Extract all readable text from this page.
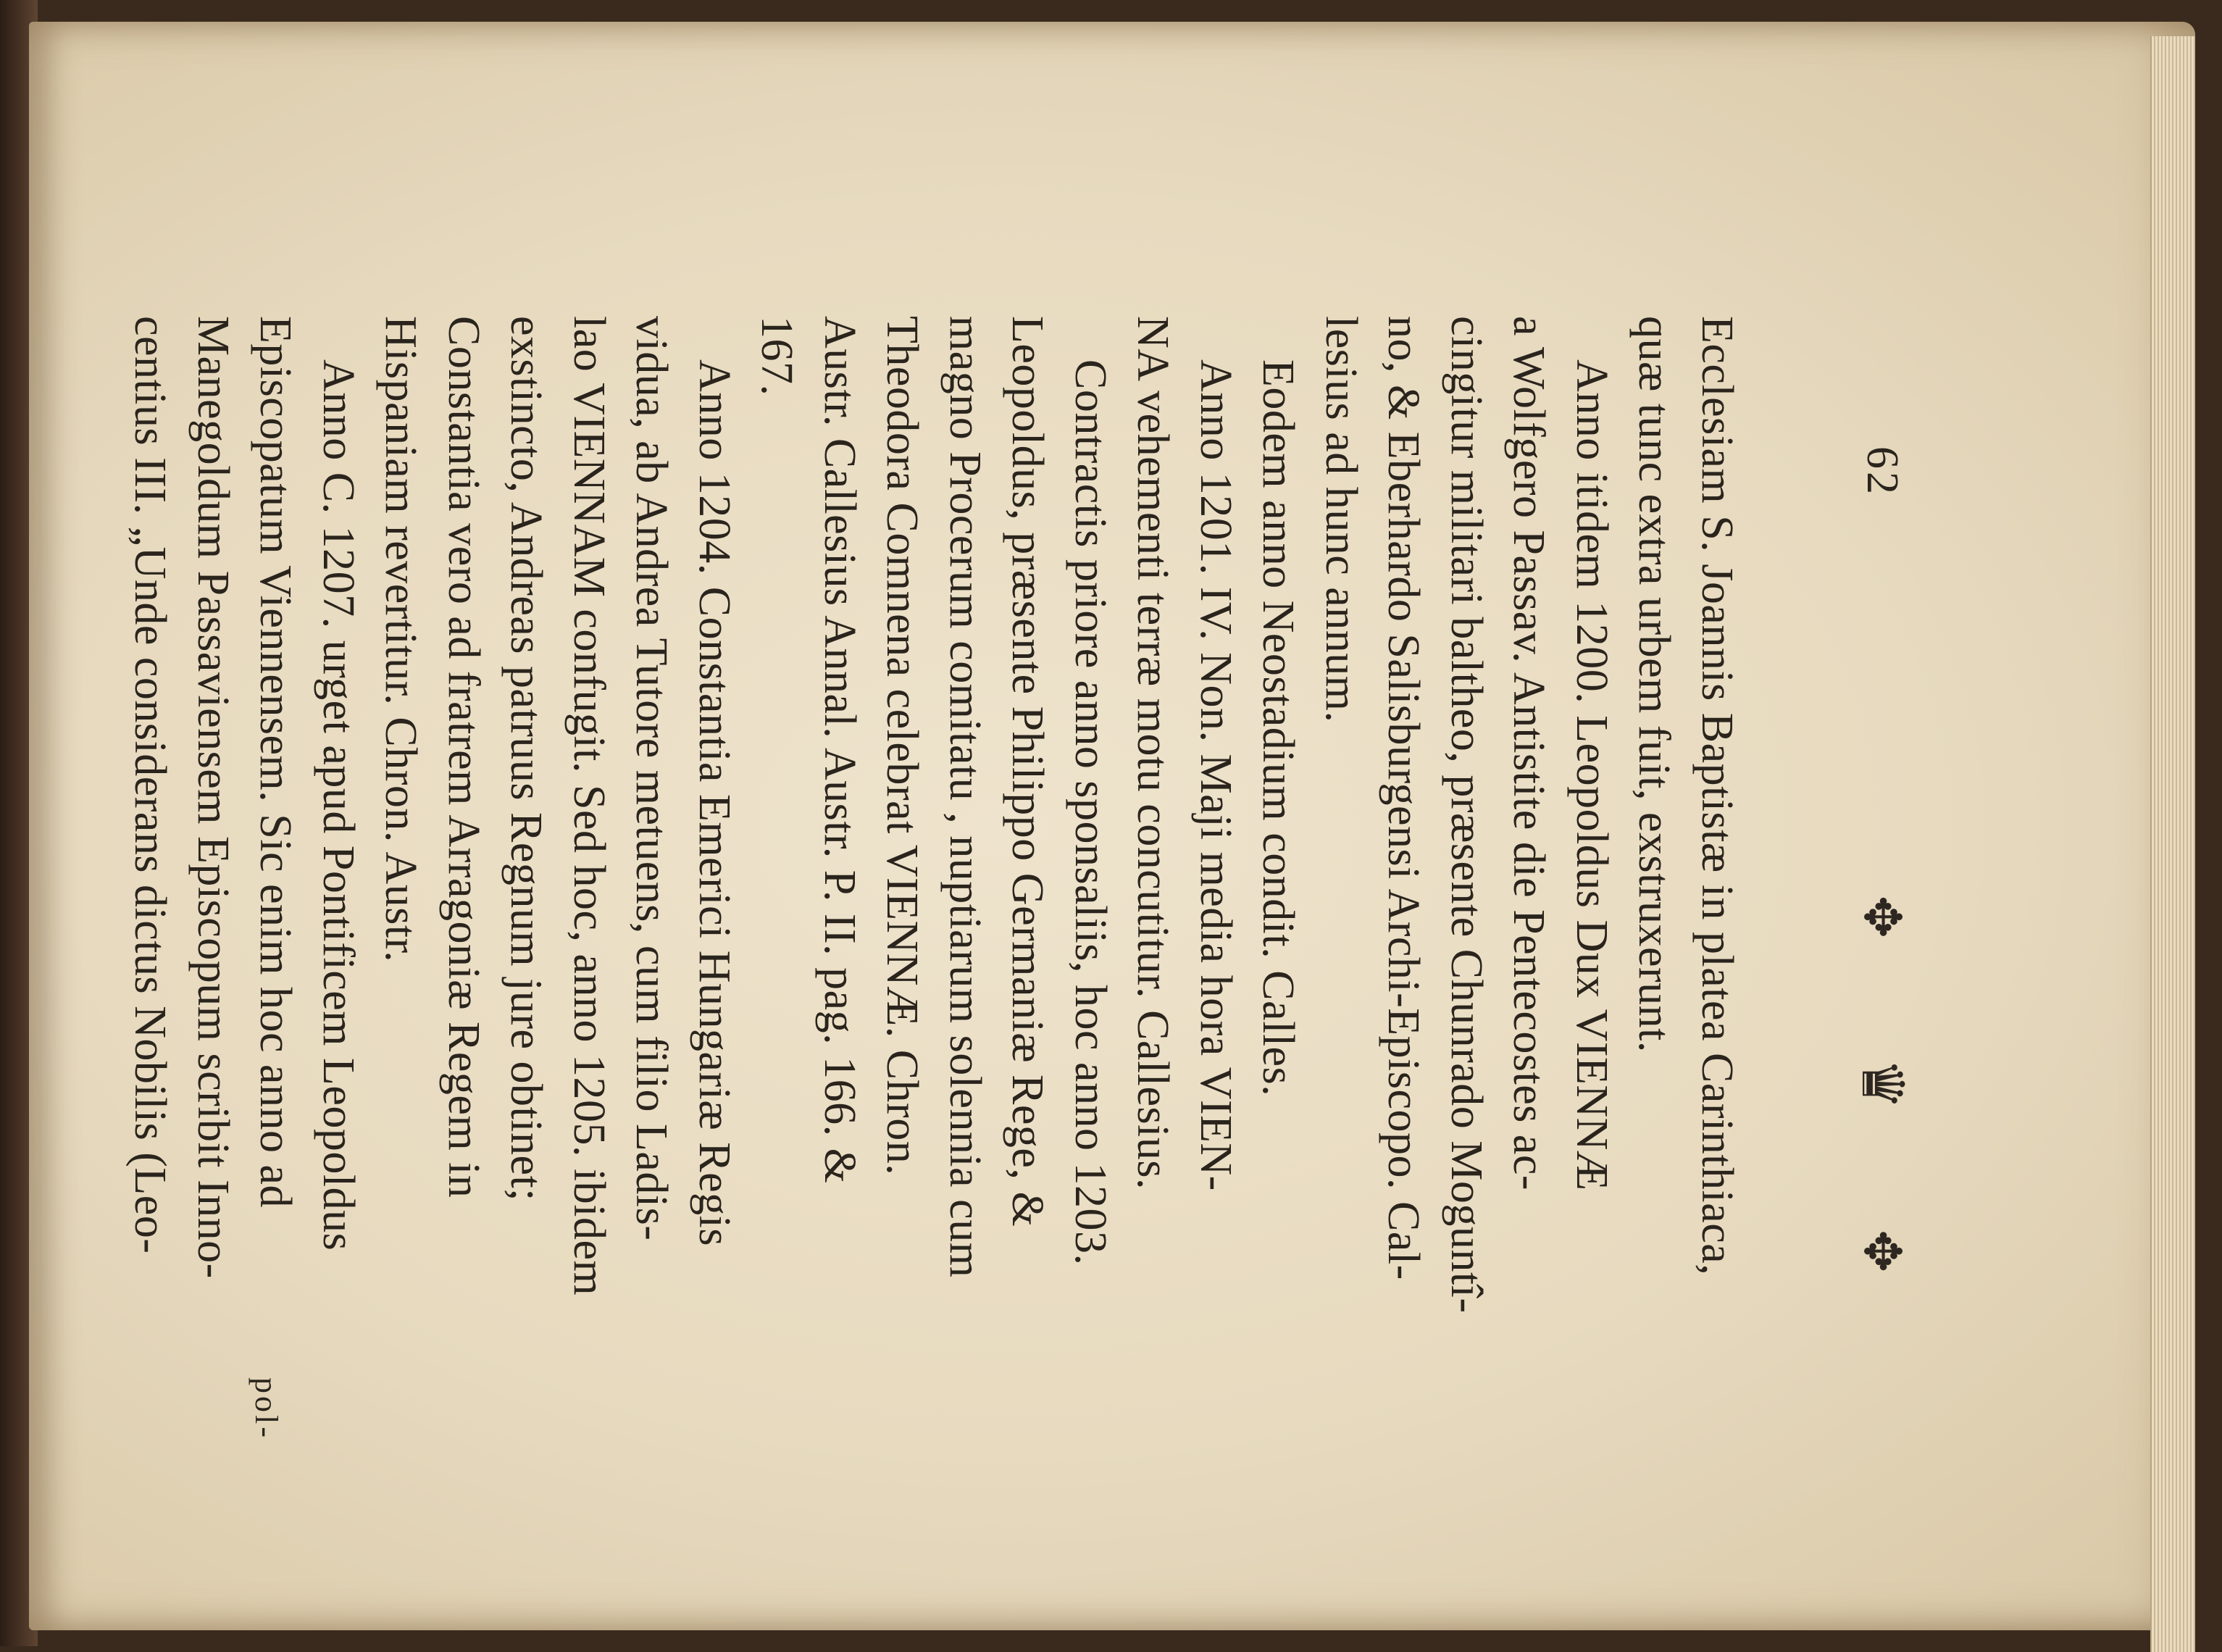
62
✥
♛
✥
Ecclesiam S. Joannis Baptistæ in platea Carinthiaca,
quæ tunc extra urbem fuit, exstruxerunt.
Anno itidem 1200. Leopoldus Dux VIENNÆ
a Wolfgero Passav. Antistite die Pentecostes ac-
cingitur militari baltheo, præsente Chunrado Moguntî-
no, & Eberhardo Salisburgensi Archi-Episcopo. Cal-
lesius ad hunc annum.
Eodem anno Neostadium condit. Calles.
Anno 1201. IV. Non. Maji media hora VIEN-
NA vehementi terræ motu concutitur. Callesius.
Contractis priore anno sponsaliis, hoc anno 1203.
Leopoldus, præsente Philippo Germaniæ Rege, &
magno Procerum comitatu , nuptiarum solennia cum
Theodora Comnena celebrat VIENNÆ. Chron.
Austr. Callesius Annal. Austr. P. II. pag. 166. &
167.
Anno 1204. Constantia Emerici Hungariæ Regis
vidua, ab Andrea Tutore metuens, cum filio Ladis-
lao VIENNAM confugit. Sed hoc, anno 1205. ibidem
exstincto, Andreas patruus Regnum jure obtinet;
Constantia vero ad fratrem Arragoniæ Regem in
Hispaniam revertitur. Chron. Austr.
Anno C. 1207. urget apud Pontificem Leopoldus
Episcopatum Viennensem. Sic enim hoc anno ad
Manegoldum Passaviensem Episcopum scribit Inno-
centius III. „Unde considerans dictus Nobilis (Leo-
pol-
